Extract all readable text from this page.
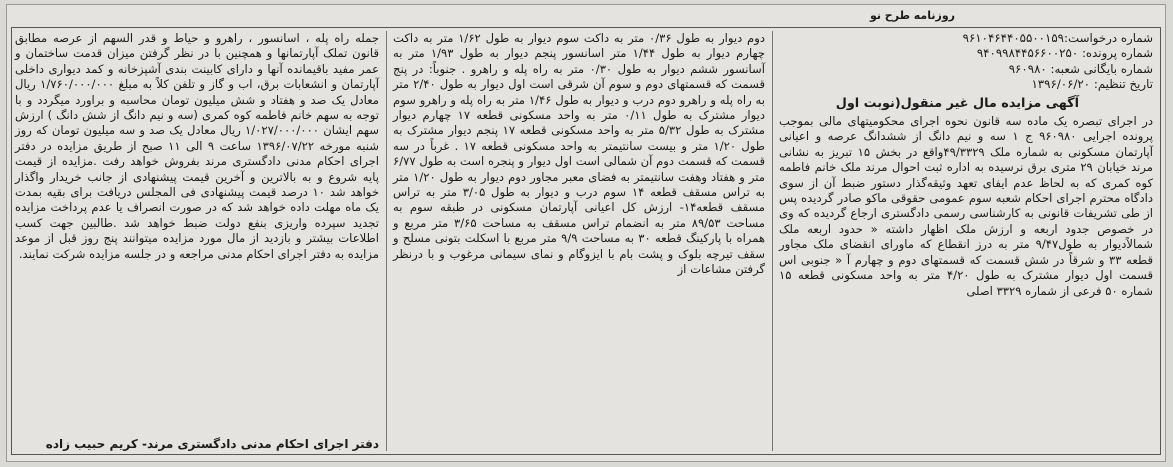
روزنامه طرح نو
شماره درخواست:۹۶۱۰۴۶۴۴۰۵۵۰۰۱۵۹
شماره پرونده: ۹۴۰۹۹۸۴۴۵۶۶۰۰۲۵۰
شماره بایگانی شعبه: ۹۶۰۹۸۰
تاریخ تنظیم: ۱۳۹۶/۰۶/۲۰
آگهی مزایده مال غیر منقول(نوبت اول

در اجرای تبصره یک ماده سه قانون نحوه اجرای محکومیتهای مالی بموجب پرونده اجرایی ۹۶۰۹۸۰ ج ۱ سه و نیم دانگ از ششدانگ عرصه و اعیانی آپارتمان مسکونی به شماره ملک ۴۹/۳۳۲۹واقع در بخش ۱۵ تبریز به نشانی مرند خیابان ۲۹ متری برق نرسیده به اداره ثبت احوال مرند ملک خانم فاطمه کوه کمری که به لحاظ عدم ایفای تعهد وثیقه‌گذار دستور ضبط آن از سوی دادگاه محترم اجرای احکام شعبه سوم عمومی حقوقی ماکو صادر گردیده پس از طی تشریفات قانونی به کارشناسی رسمی دادگستری ارجاع گردیده که وی در خصوص جدود اربعه و ارزش ملک اظهار داشته « حدود اربعه ملک شمالاًدیوار به طول۹/۴۷ متر به درز انقطاع که ماورای انقضای ملک مجاور قطعه ۳۳ و شرقاً در شش قسمت که قسمتهای دوم و چهارم آ « جنوبی اس قسمت اول دیوار مشترک به طول ۴/۲۰ متر به واحد مسکونی قطعه ۱۵ شماره ۵۰ فرعی از شماره ۳۳۲۹ اصلی

دوم دیوار به طول ۰/۳۶ متر به داکت سوم دیوار به طول ۱/۶۲ متر به داکت چهارم دیوار به طول ۱/۴۴ متر اسانسور پنجم دیوار به طول ۱/۹۳ متر به آسانسور ششم دیوار به طول ۰/۳۰ متر به راه پله و راهرو . جنوباً: در پنج قسمت که قسمتهای دوم و سوم آن شرقی است اول دیوار به طول ۲/۴۰ متر به راه پله و راهرو دوم درب و دیوار به طول ۱/۴۶ متر به راه پله و راهرو سوم دیوار مشترک به طول ۰/۱۱ متر به واحد مسکونی قطعه ۱۷ چهارم دیوار مشترک به طول ۵/۳۲ متر به واحد مسکونی قطعه ۱۷ پنجم دیوار مشترک به طول ۱/۲۰ متر و بیست سانتیمتر به واحد مسکونی قطعه ۱۷ . غرباً در سه قسمت که قسمت دوم آن شمالی است اول دیوار و پنجره است به طول ۶/۷۷ متر و هفتاد وهفت سانتیمتر به فضای معبر مجاور دوم دیوار به طول ۱/۲۰ متر به تراس مسقف قطعه ۱۴ سوم درب و دیوار به طول ۳/۰۵ متر به تراس مسقف قطعه۱۴- ارزش کل اعیانی آپارتمان مسکونی در طبقه سوم به مساحت ۸۹/۵۳ متر به انضمام تراس مسقف به مساحت ۳/۶۵ متر مربع و همراه با پارکینگ قطعه ۳۰ به مساحت ۹/۹ متر مربع با اسکلت بتونی مسلح و سقف تیرچه بلوک و پشت بام با ایزوگام و نمای سیمانی مرغوب و با درنظر گرفتن مشاعات از

جمله راه پله ، اسانسور ، راهرو و حیاط و قدر السهم از عرصه مطابق قانون تملک آپارتمانها و همچنین با در نظر گرفتن میزان قدمت ساختمان و عمر مفید باقیمانده آنها و دارای کابینت بندی آشپزخانه و کمد دیواری داخلی آپارتمان و انشعابات برق، اب و گاز و تلفن کلاً به مبلغ ۱/۷۶۰/۰۰۰/۰۰۰ ریال معادل یک صد و هفتاد و شش میلیون تومان محاسبه و براورد میگردد و با توجه به سهم خانم فاطمه کوه کمری (سه و نیم دانگ از شش دانگ ) ارزش سهم ایشان ۱/۰۲۷/۰۰۰/۰۰۰ ریال معادل یک صد و سه میلیون تومان که روز شنبه مورخه ۱۳۹۶/۰۷/۲۲ ساعت ۹ الی ۱۱ صبح از طریق مزایده در دفتر اجرای احکام مدنی دادگستری مرند بفروش خواهد رفت .مزایده از قیمت پایه شروع و به بالاترین و آخرین قیمت پیشنهادی از جانب خریدار واگذار خواهد شد ۱۰ درصد قیمت پیشنهادی فی المجلس دریافت برای بقیه بمدت یک ماه مهلت داده خواهد شد که در صورت انصراف یا عدم پرداخت مزایده تجدید سپرده واریزی بنفع دولت ضبط خواهد شد .طالبین جهت کسب اطلاعات بیشتر و بازدید از مال مورد مزایده میتوانند پنج روز قبل از موعد مزایده به دفتر اجرای احکام مدنی مراجعه و در جلسه مزایده شرکت نمایند.

دفتر اجرای احکام مدنی دادگستری مرند- کریم حبیب زاده
